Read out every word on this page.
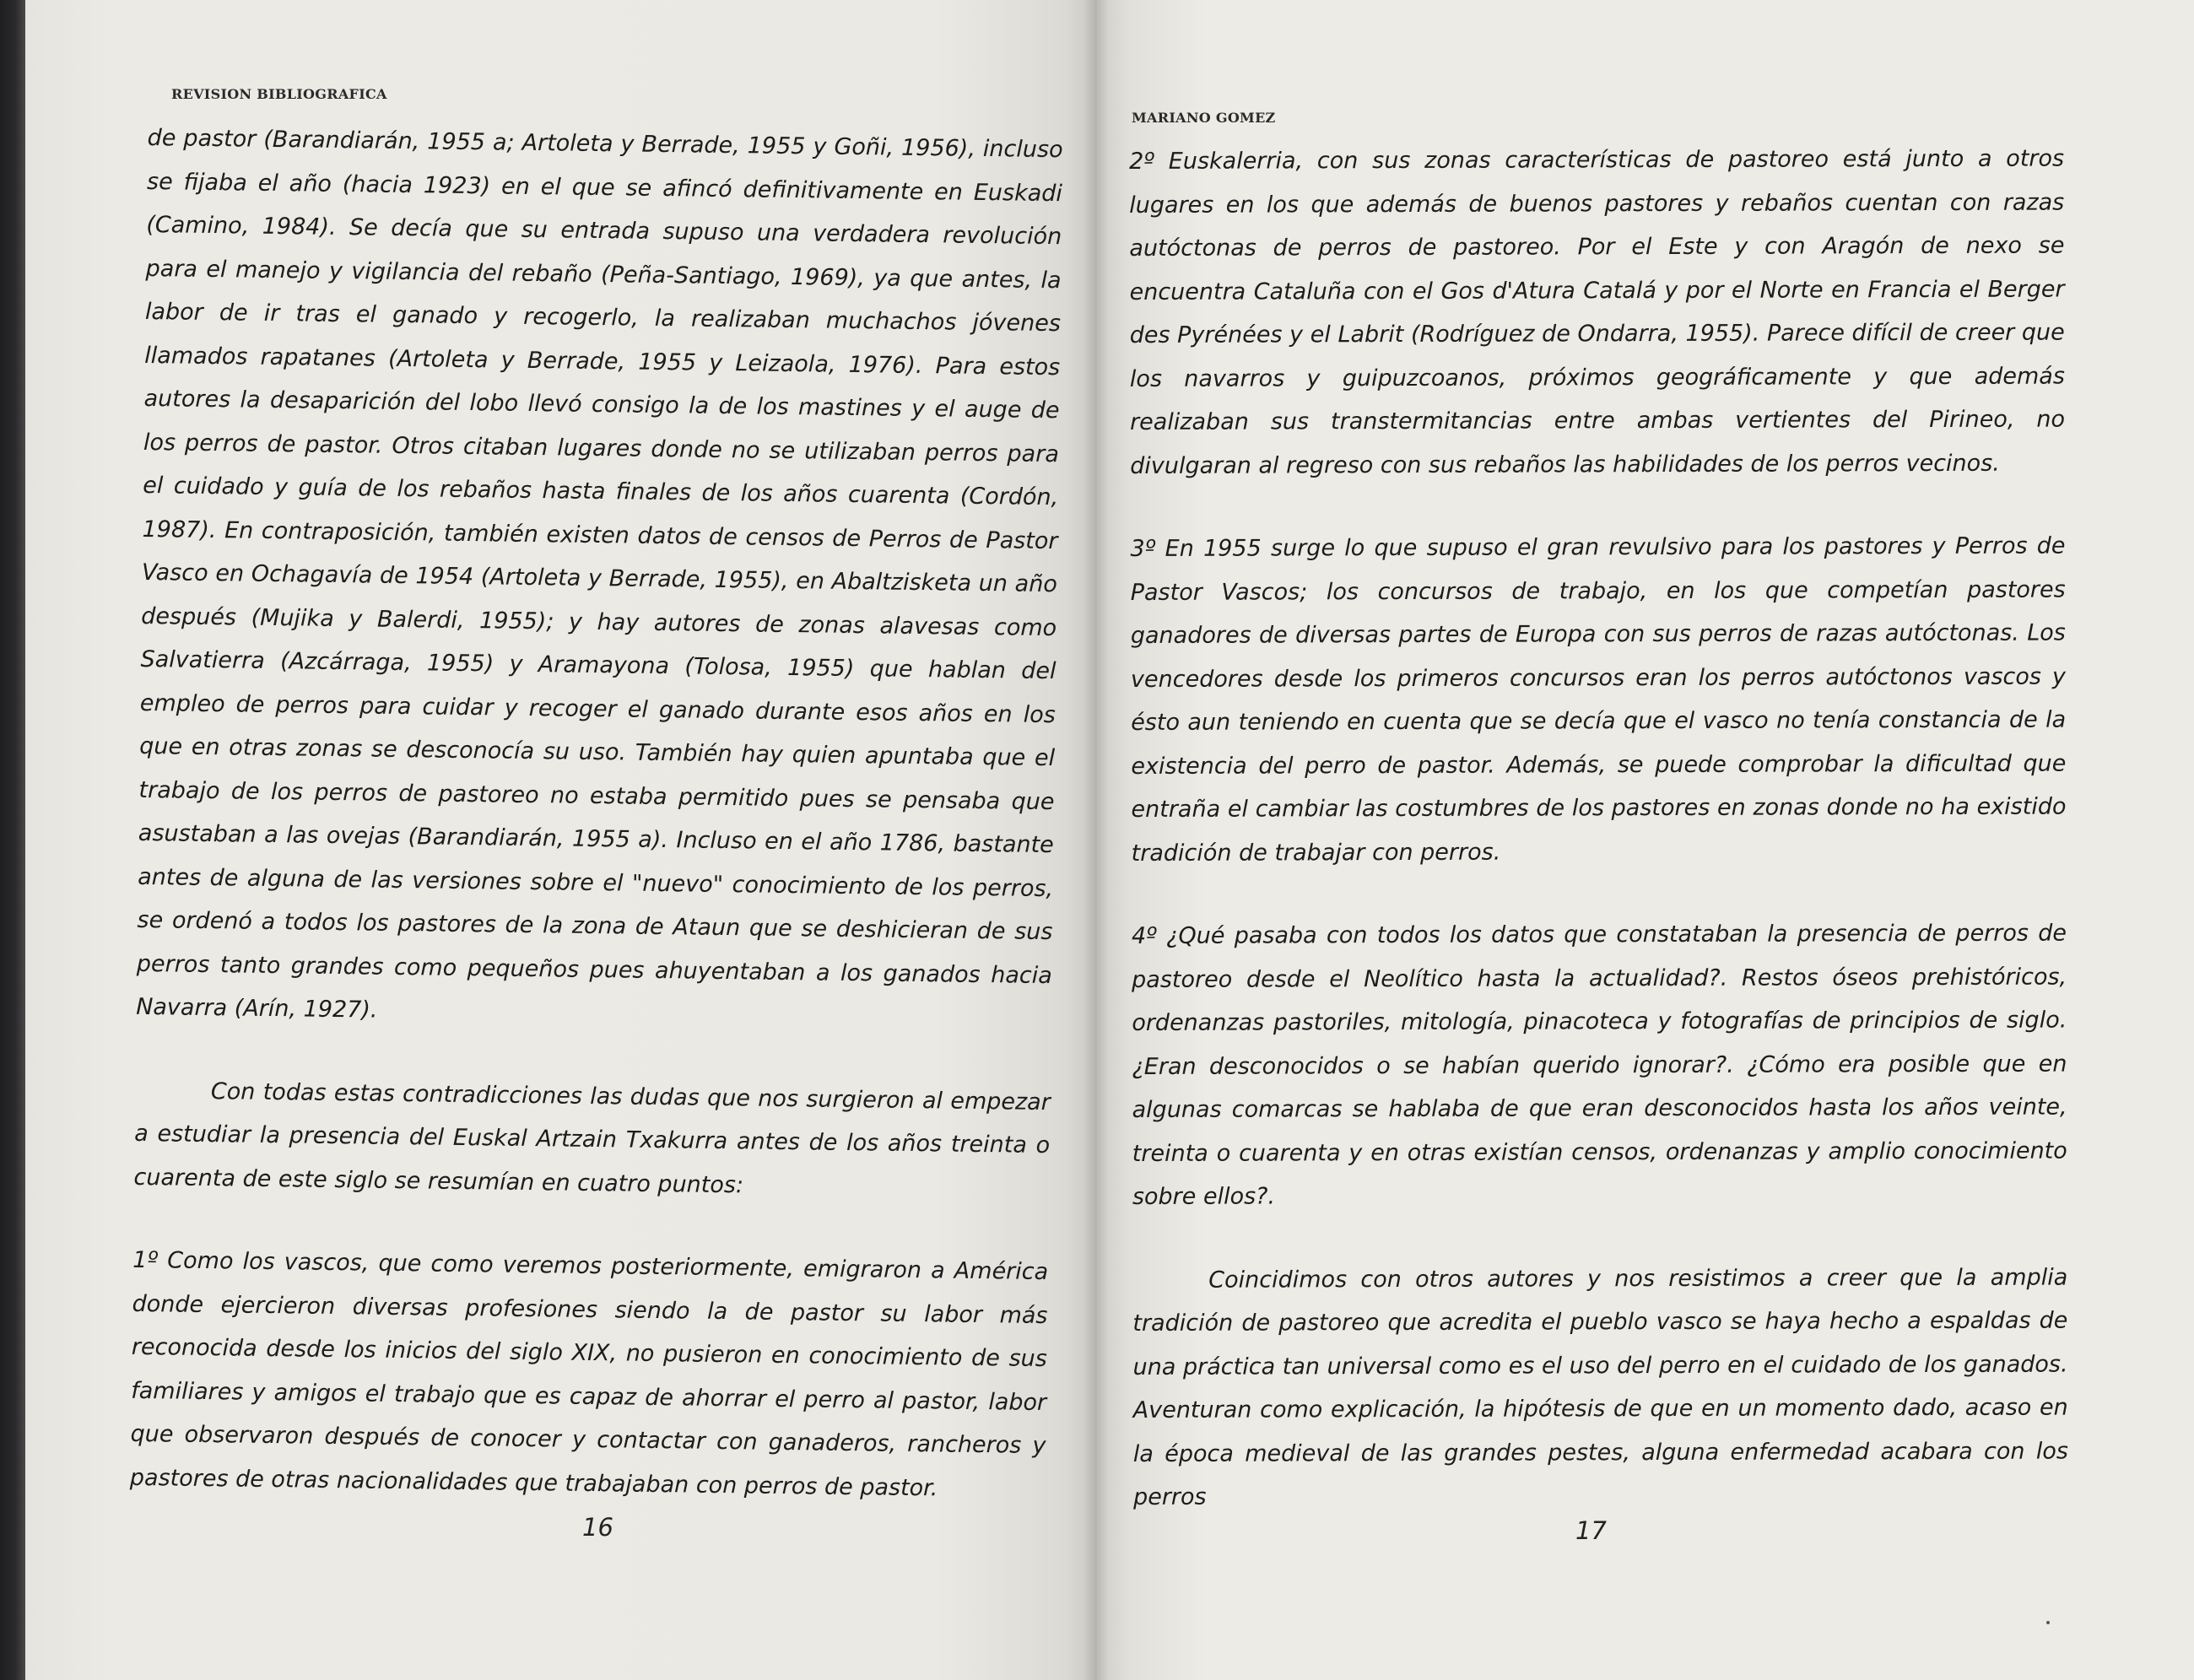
REVISION BIBLIOGRAFICA

de pastor (Barandiarán, 1955 a; Artoleta y Berrade, 1955 y Goñi, 1956), incluso se fijaba el año (hacia 1923) en el que se afincó definitivamente en Euskadi (Camino, 1984). Se decía que su entrada supuso una verdadera revolución para el manejo y vigilancia del rebaño (Peña-Santiago, 1969), ya que antes, la labor de ir tras el ganado y recogerlo, la realizaban muchachos jóvenes llamados rapatanes (Artoleta y Berrade, 1955 y Leizaola, 1976). Para estos autores la desaparición del lobo llevó consigo la de los mastines y el auge de los perros de pastor. Otros citaban lugares donde no se utilizaban perros para el cuidado y guía de los rebaños hasta finales de los años cuarenta (Cordón, 1987). En contraposición, también existen datos de censos de Perros de Pastor Vasco en Ochagavía de 1954 (Artoleta y Berrade, 1955), en Abaltzisketa un año después (Mujika y Balerdi, 1955); y hay autores de zonas alavesas como Salvatierra (Azcárraga, 1955) y Aramayona (Tolosa, 1955) que hablan del empleo de perros para cuidar y recoger el ganado durante esos años en los que en otras zonas se desconocía su uso. También hay quien apuntaba que el trabajo de los perros de pastoreo no estaba permitido pues se pensaba que asustaban a las ovejas (Barandiarán, 1955 a). Incluso en el año 1786, bastante antes de alguna de las versiones sobre el "nuevo" conocimiento de los perros, se ordenó a todos los pastores de la zona de Ataun que se deshicieran de sus perros tanto grandes como pequeños pues ahuyentaban a los ganados hacia Navarra (Arín, 1927).

Con todas estas contradicciones las dudas que nos surgieron al empezar a estudiar la presencia del Euskal Artzain Txakurra antes de los años treinta o cuarenta de este siglo se resumían en cuatro puntos:

1º Como los vascos, que como veremos posteriormente, emigraron a América donde ejercieron diversas profesiones siendo la de pastor su labor más reconocida desde los inicios del siglo XIX, no pusieron en conocimiento de sus familiares y amigos el trabajo que es capaz de ahorrar el perro al pastor, labor que observaron después de conocer y contactar con ganaderos, rancheros y pastores de otras nacionalidades que trabajaban con perros de pastor.

16
MARIANO GOMEZ

2º Euskalerria, con sus zonas características de pastoreo está junto a otros lugares en los que además de buenos pastores y rebaños cuentan con razas autóctonas de perros de pastoreo. Por el Este y con Aragón de nexo se encuentra Cataluña con el Gos d'Atura Catalá y por el Norte en Francia el Berger des Pyrénées y el Labrit (Rodríguez de Ondarra, 1955). Parece difícil de creer que los navarros y guipuzcoanos, próximos geográficamente y que además realizaban sus transtermitancias entre ambas vertientes del Pirineo, no divulgaran al regreso con sus rebaños las habilidades de los perros vecinos.

3º En 1955 surge lo que supuso el gran revulsivo para los pastores y Perros de Pastor Vascos; los concursos de trabajo, en los que competían pastores ganadores de diversas partes de Europa con sus perros de razas autóctonas. Los vencedores desde los primeros concursos eran los perros autóctonos vascos y ésto aun teniendo en cuenta que se decía que el vasco no tenía constancia de la existencia del perro de pastor. Además, se puede comprobar la dificultad que entraña el cambiar las costumbres de los pastores en zonas donde no ha existido tradición de trabajar con perros.

4º ¿Qué pasaba con todos los datos que constataban la presencia de perros de pastoreo desde el Neolítico hasta la actualidad?. Restos óseos prehistóricos, ordenanzas pastoriles, mitología, pinacoteca y fotografías de principios de siglo. ¿Eran desconocidos o se habían querido ignorar?. ¿Cómo era posible que en algunas comarcas se hablaba de que eran desconocidos hasta los años veinte, treinta o cuarenta y en otras existían censos, ordenanzas y amplio conocimiento sobre ellos?.

Coincidimos con otros autores y nos resistimos a creer que la amplia tradición de pastoreo que acredita el pueblo vasco se haya hecho a espaldas de una práctica tan universal como es el uso del perro en el cuidado de los ganados. Aventuran como explicación, la hipótesis de que en un momento dado, acaso en la época medieval de las grandes pestes, alguna enfermedad acabara con los perros

17
